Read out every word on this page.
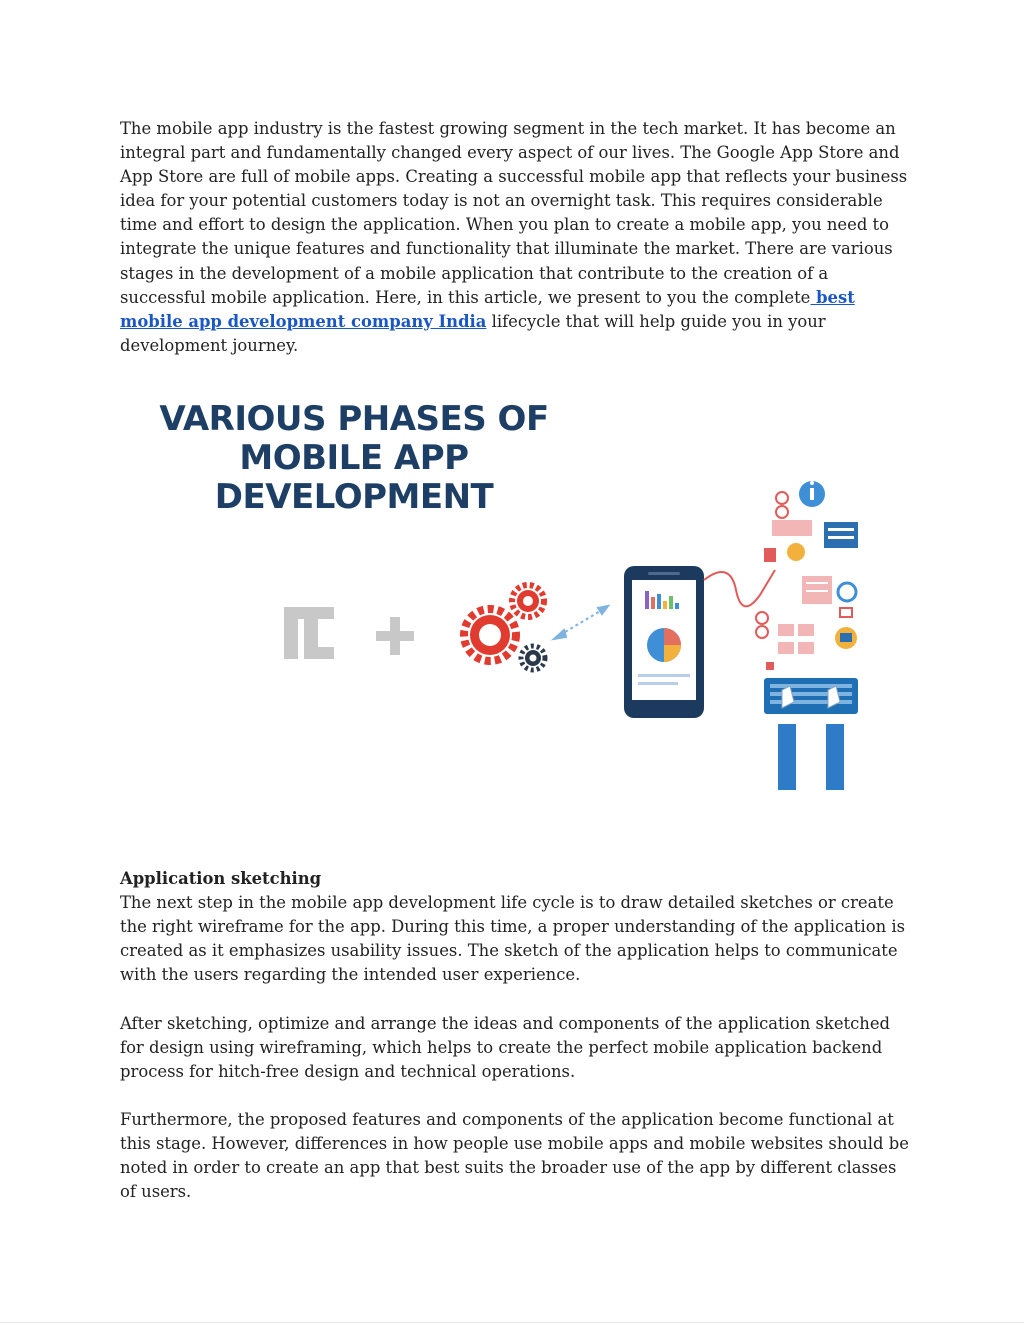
The mobile app industry is the fastest growing segment in the tech market. It has become an integral part and fundamentally changed every aspect of our lives. The Google App Store and App Store are full of mobile apps. Creating a successful mobile app that reflects your business idea for your potential customers today is not an overnight task. This requires considerable time and effort to design the application. When you plan to create a mobile app, you need to integrate the unique features and functionality that illuminate the market. There are various stages in the development of a mobile application that contribute to the creation of a successful mobile application. Here, in this article, we present to you the complete best mobile app development company India lifecycle that will help guide you in your development journey.

VARIOUS PHASES OF
MOBILE APP
DEVELOPMENT
Application sketching

The next step in the mobile app development life cycle is to draw detailed sketches or create the right wireframe for the app. During this time, a proper understanding of the application is created as it emphasizes usability issues. The sketch of the application helps to communicate with the users regarding the intended user experience.

After sketching, optimize and arrange the ideas and components of the application sketched for design using wireframing, which helps to create the perfect mobile application backend process for hitch-free design and technical operations.

Furthermore, the proposed features and components of the application become functional at this stage. However, differences in how people use mobile apps and mobile websites should be noted in order to create an app that best suits the broader use of the app by different classes of users.
